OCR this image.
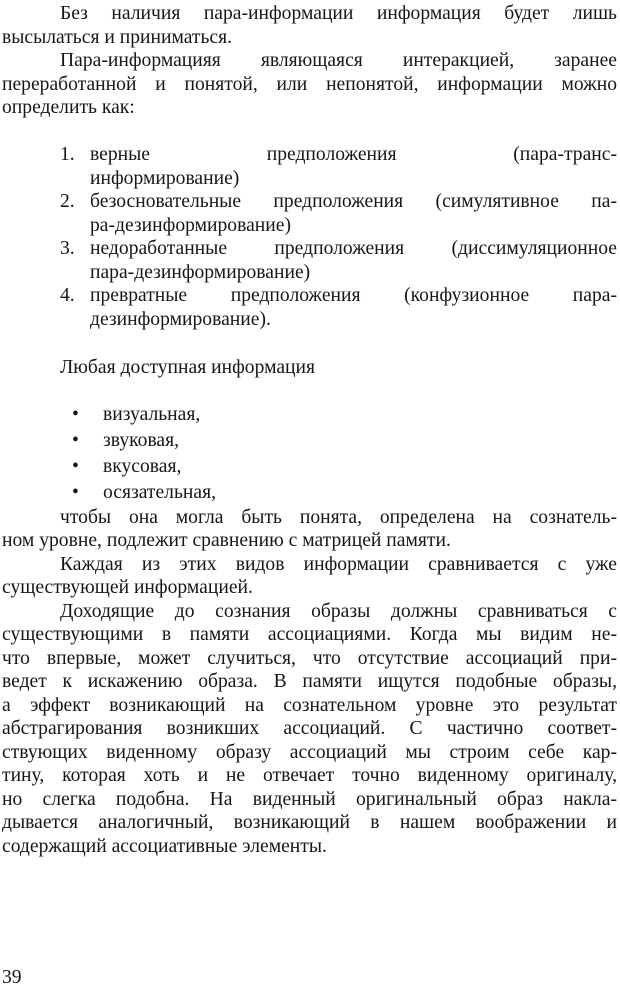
Без наличия пара-информации информация будет лишь
высылаться и приниматься.
Пара-информацияя являющаяся интеракцией, заранее
переработанной и понятой, или непонятой, информации можно
определить как:
1. верные предположения (пара-транс-
информирование)
2. безосновательные предположения (симулятивное па-
ра-дезинформирование)
3. недоработанные предположения (диссимуляционное
пара-дезинформирование)
4. превратные предположения (конфузионное пара-
дезинформирование).
Любая доступная информация
•	визуальная,
•	звуковая,
•	вкусовая,
•	осязательная,
чтобы она могла быть понята, определена на сознатель-
ном уровне, подлежит сравнению с матрицей памяти.
Каждая из этих видов информации сравнивается с уже
существующей информацией.
Доходящие до сознания образы должны сравниваться с
существующими в памяти ассоциациями. Когда мы видим не-
что впервые, может случиться, что отсутствие ассоциаций при-
ведет к искажению образа. В памяти ищутся подобные образы,
а эффект возникающий на сознательном уровне это результат
абстрагирования возникших ассоциаций. С частично соответ-
ствующих виденному образу ассоциаций мы строим себе кар-
тину, которая хоть и не отвечает точно виденному оригиналу,
но слегка подобна. На виденный оригинальный образ накла-
дывается аналогичный, возникающий в нашем воображении и
содержащий ассоциативные элементы.
39
